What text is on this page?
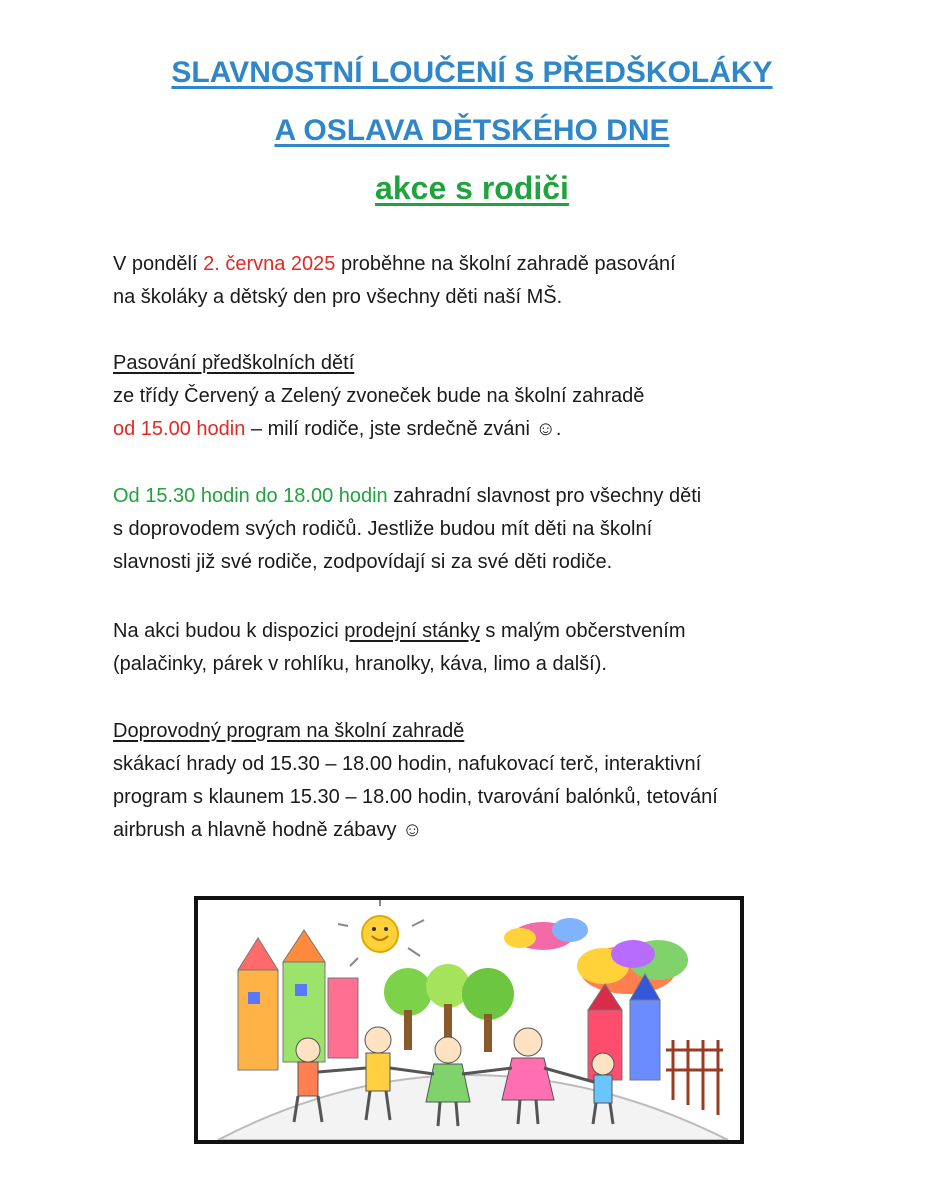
SLAVNOSTNÍ LOUČENÍ S PŘEDŠKOLÁKY
A OSLAVA DĚTSKÉHO DNE
akce s rodiči
V pondělí 2. června 2025 proběhne na školní zahradě pasování
na školáky a dětský den pro všechny děti naší MŠ.
Pasování předškolních dětí
ze třídy Červený a Zelený zvoneček bude na školní zahradě
od 15.00 hodin – milí rodiče, jste srdečně zváni ☺.
Od 15.30 hodin do 18.00 hodin zahradní slavnost pro všechny děti
s doprovodem svých rodičů. Jestliže budou mít děti na školní
slavnosti již své rodiče, zodpovídají si za své děti rodiče.
Na akci budou k dispozici prodejní stánky s malým občerstvením
(palačinky, párek v rohlíku, hranolky, káva, limo a další).
Doprovodný program na školní zahradě
skákací hrady od 15.30 – 18.00 hodin, nafukovací terč, interaktivní
program s klaunem 15.30 – 18.00 hodin, tvarování balónků, tetování
airbrush a hlavně hodně zábavy ☺
